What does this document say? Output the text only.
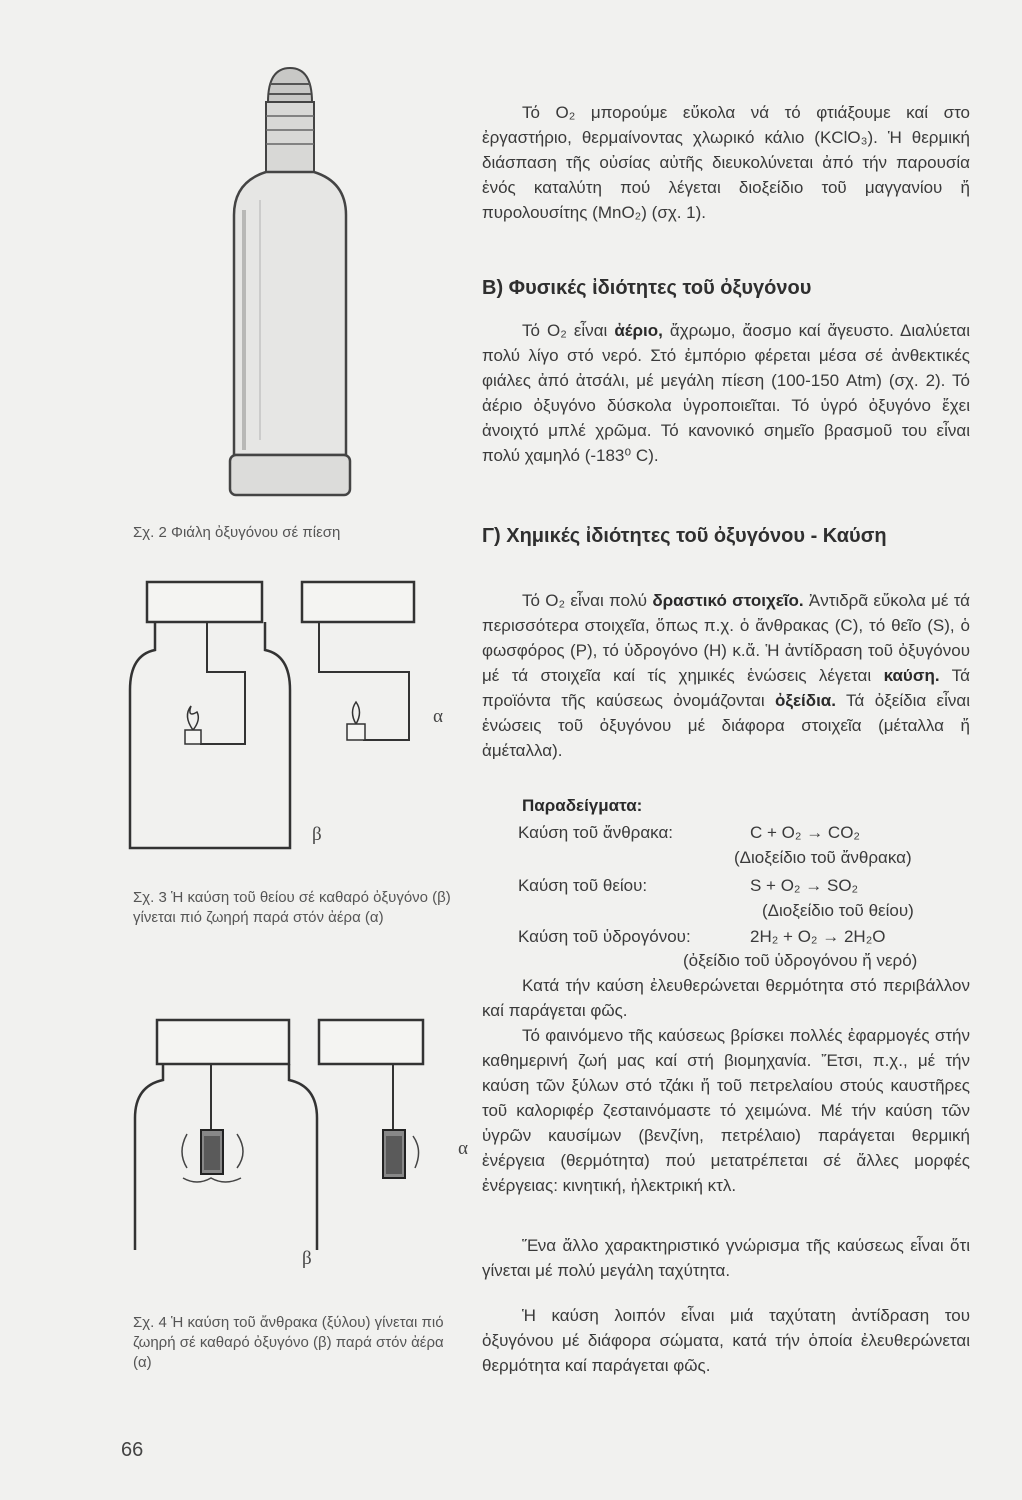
Σχ. 2 Φιάλη ὀξυγόνου σέ πίεση
α
β
Σχ. 3 Ἡ καύση τοῦ θείου σέ καθαρό ὀξυγόνο (β) γίνεται πιό ζωηρή παρά στόν ἀέρα (α)
α
β
Σχ. 4 Ἡ καύση τοῦ ἄνθρακα (ξύλου) γίνεται πιό ζωηρή σέ καθαρό ὀξυγόνο (β) παρά στόν ἀέρα (α)
66
Τό O₂ μπορούμε εὔκολα νά τό φτιάξουμε καί στο ἐργαστήριο, θερμαίνοντας χλωρικό κάλιο (KClO₃). Ἡ θερμική διάσπαση τῆς οὐσίας αὐτῆς διευκολύνεται ἀπό τήν παρουσία ἑνός καταλύτη πού λέγεται διοξείδιο τοῦ μαγγανίου ἤ πυρολουσίτης (MnO₂) (σχ. 1).
Β) Φυσικές ἰδιότητες τοῦ ὀξυγόνου
Τό O₂ εἶναι ἀέριο, ἄχρωμο, ἄοσμο καί ἄγευστο. Διαλύεται πολύ λίγο στό νερό. Στό ἐμπόριο φέρεται μέσα σέ ἀνθεκτικές φιάλες ἀπό ἀτσάλι, μέ μεγάλη πίεση (100-150 Atm) (σχ. 2). Τό ἀέριο ὀξυγόνο δύσκολα ὑγροποιεῖται. Τό ὑγρό ὀξυγόνο ἔχει ἀνοιχτό μπλέ χρῶμα. Τό κανονικό σημεῖο βρασμοῦ του εἶναι πολύ χαμηλό (-183⁰ C).
Γ) Χημικές ἰδιότητες τοῦ ὀξυγόνου - Καύση
Τό O₂ εἶναι πολύ δραστικό στοιχεῖο. Ἀντιδρᾶ εὔκολα μέ τά περισσότερα στοιχεῖα, ὅπως π.χ. ὁ ἄνθρακας (C), τό θεῖο (S), ὁ φωσφόρος (P), τό ὑδρογόνο (H) κ.ἄ. Ἡ ἀντίδραση τοῦ ὀξυγόνου μέ τά στοιχεῖα καί τίς χημικές ἑνώσεις λέγεται καύση. Τά προϊόντα τῆς καύσεως ὀνομάζονται ὀξείδια. Τά ὀξείδια εἶναι ἑνώσεις τοῦ ὀξυγόνου μέ διάφορα στοιχεῖα (μέταλλα ἤ ἀμέταλλα).
Παραδείγματα:
Καύση τοῦ ἄνθρακα:	C + O₂ → CO₂
(Διοξείδιο τοῦ ἄνθρακα)
Καύση τοῦ θείου:	S + O₂ → SO₂
(Διοξείδιο τοῦ θείου)
Καύση τοῦ ὑδρογόνου:	2H₂ + O₂ → 2H₂O
(ὀξείδιο τοῦ ὑδρογόνου ἤ νερό)
Κατά τήν καύση ἐλευθερώνεται θερμότητα στό περιβάλλον καί παράγεται φῶς.
Τό φαινόμενο τῆς καύσεως βρίσκει πολλές ἐφαρμογές στήν καθημερινή ζωή μας καί στή βιομηχανία. Ἔτσι, π.χ., μέ τήν καύση τῶν ξύλων στό τζάκι ἤ τοῦ πετρελαίου στούς καυστῆρες τοῦ καλοριφέρ ζεσταινόμαστε τό χειμώνα. Μέ τήν καύση τῶν ὑγρῶν καυσίμων (βενζίνη, πετρέλαιο) παράγεται θερμική ἐνέργεια (θερμότητα) πού μετατρέπεται σέ ἄλλες μορφές ἐνέργειας: κινητική, ἠλεκτρική κτλ.
Ἕνα ἄλλο χαρακτηριστικό γνώρισμα τῆς καύσεως εἶναι ὅτι γίνεται μέ πολύ μεγάλη ταχύτητα.
Ἡ καύση λοιπόν εἶναι μιά ταχύτατη ἀντίδραση του ὀξυγόνου μέ διάφορα σώματα, κατά τήν ὁποία ἐλευθερώνεται θερμότητα καί παράγεται φῶς.
